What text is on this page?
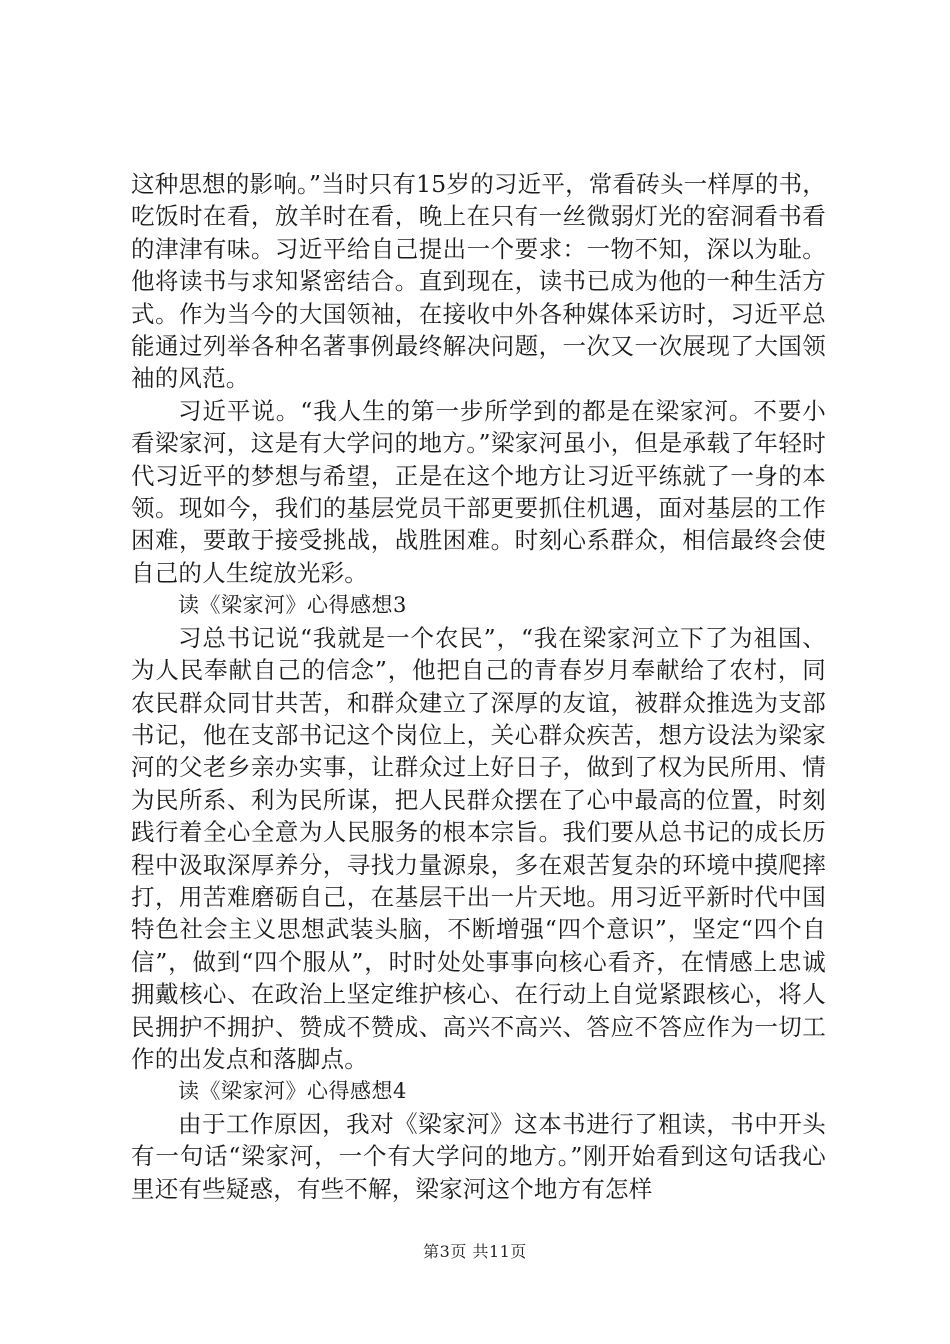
这种思想的影响。”当时只有15岁的习近平，常看砖头一样厚的书，吃饭时在看，放羊时在看，晚上在只有一丝微弱灯光的窑洞看书看的津津有味。习近平给自己提出一个要求：一物不知，深以为耻。他将读书与求知紧密结合。直到现在，读书已成为他的一种生活方式。作为当今的大国领袖，在接收中外各种媒体采访时，习近平总能通过列举各种名著事例最终解决问题，一次又一次展现了大国领袖的风范。

习近平说。“我人生的第一步所学到的都是在梁家河。不要小看梁家河，这是有大学问的地方。”梁家河虽小，但是承载了年轻时代习近平的梦想与希望，正是在这个地方让习近平练就了一身的本领。现如今，我们的基层党员干部更要抓住机遇，面对基层的工作困难，要敢于接受挑战，战胜困难。时刻心系群众，相信最终会使自己的人生绽放光彩。

读《梁家河》心得感想3

习总书记说“我就是一个农民”，“我在梁家河立下了为祖国、为人民奉献自己的信念”，他把自己的青春岁月奉献给了农村，同农民群众同甘共苦，和群众建立了深厚的友谊，被群众推选为支部书记，他在支部书记这个岗位上，关心群众疾苦，想方设法为梁家河的父老乡亲办实事，让群众过上好日子，做到了权为民所用、情为民所系、利为民所谋，把人民群众摆在了心中最高的位置，时刻践行着全心全意为人民服务的根本宗旨。我们要从总书记的成长历程中汲取深厚养分，寻找力量源泉，多在艰苦复杂的环境中摸爬摔打，用苦难磨砺自己，在基层干出一片天地。用习近平新时代中国特色社会主义思想武装头脑，不断增强“四个意识”，坚定“四个自信”，做到“四个服从”，时时处处事事向核心看齐，在情感上忠诚拥戴核心、在政治上坚定维护核心、在行动上自觉紧跟核心，将人民拥护不拥护、赞成不赞成、高兴不高兴、答应不答应作为一切工作的出发点和落脚点。

读《梁家河》心得感想4

由于工作原因，我对《梁家河》这本书进行了粗读，书中开头有一句话“梁家河，一个有大学问的地方。”刚开始看到这句话我心里还有些疑惑，有些不解，梁家河这个地方有怎样

第3页 共11页
